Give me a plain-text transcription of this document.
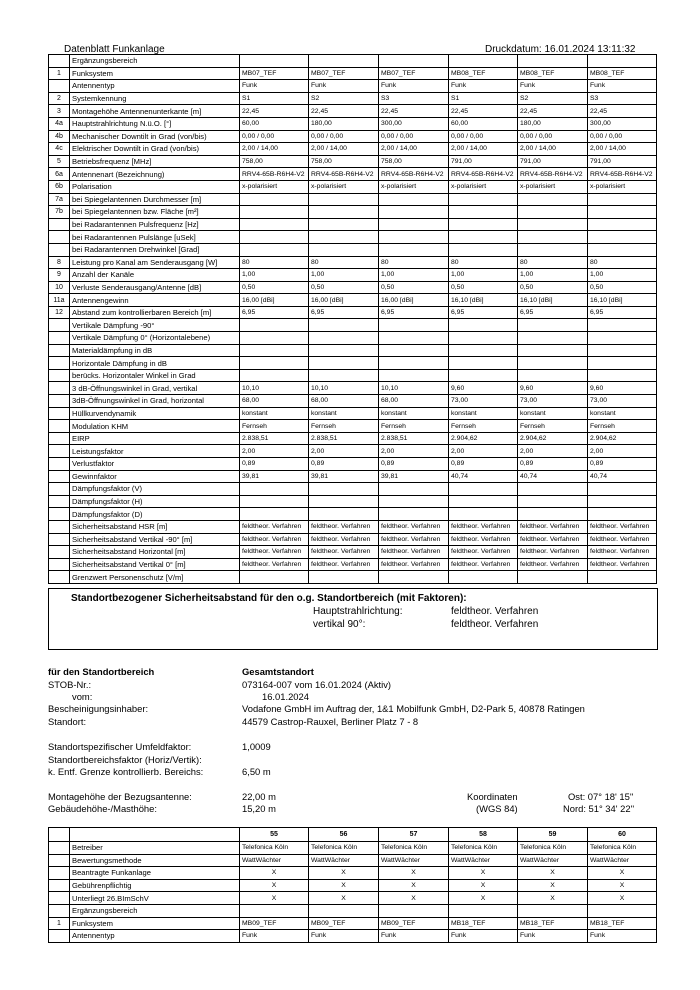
Datenblatt Funkanlage	Druckdatum: 16.01.2024 13:11:32
	Ergänzungsbereich						
1	Funksystem	MB07_TEF	MB07_TEF	MB07_TEF	MB08_TEF	MB08_TEF	MB08_TEF
	Antennentyp	Funk	Funk	Funk	Funk	Funk	Funk
2	Systemkennung	S1	S2	S3	S1	S2	S3
3	Montagehöhe Antennenunterkante [m]	22,45	22,45	22,45	22,45	22,45	22,45
4a	Hauptstrahlrichtung N.ü.O. [°]	60,00	180,00	300,00	60,00	180,00	300,00
4b	Mechanischer Downtilt in Grad (von/bis)	0,00 / 0,00	0,00 / 0,00	0,00 / 0,00	0,00 / 0,00	0,00 / 0,00	0,00 / 0,00
4c	Elektrischer Downtilt in Grad (von/bis)	2,00 / 14,00	2,00 / 14,00	2,00 / 14,00	2,00 / 14,00	2,00 / 14,00	2,00 / 14,00
5	Betriebsfrequenz [MHz]	758,00	758,00	758,00	791,00	791,00	791,00
6a	Antennenart (Bezeichnung)	RRV4-65B-R6H4-V2	RRV4-65B-R6H4-V2	RRV4-65B-R6H4-V2	RRV4-65B-R6H4-V2	RRV4-65B-R6H4-V2	RRV4-65B-R6H4-V2
6b	Polarisation	x-polarisiert	x-polarisiert	x-polarisiert	x-polarisiert	x-polarisiert	x-polarisiert
7a	bei Spiegelantennen Durchmesser [m]						
7b	bei Spiegelantennen bzw. Fläche [m²]						
	bei Radarantennen Pulsfrequenz [Hz]						
	bei Radarantennen Pulslänge [uSek]						
	bei Radarantennen Drehwinkel [Grad]						
8	Leistung pro Kanal am Senderausgang [W]	80	80	80	80	80	80
9	Anzahl der Kanäle	1,00	1,00	1,00	1,00	1,00	1,00
10	Verluste Senderausgang/Antenne [dB]	0,50	0,50	0,50	0,50	0,50	0,50
11a	Antennengewinn	16,00 [dBi]	16,00 [dBi]	16,00 [dBi]	16,10 [dBi]	16,10 [dBi]	16,10 [dBi]
12	Abstand zum kontrollierbaren Bereich [m]	6,95	6,95	6,95	6,95	6,95	6,95
	Vertikale Dämpfung -90°						
	Vertikale Dämpfung 0° (Horizontalebene)						
	Materialdämpfung in dB						
	Horizontale Dämpfung in dB						
	berücks. Horizontaler Winkel in Grad						
	3 dB-Öffnungswinkel in Grad, vertikal	10,10	10,10	10,10	9,60	9,60	9,60
	3dB-Öffnungswinkel in Grad, horizontal	68,00	68,00	68,00	73,00	73,00	73,00
	Hüllkurvendynamik	konstant	konstant	konstant	konstant	konstant	konstant
	Modulation KHM	Fernseh	Fernseh	Fernseh	Fernseh	Fernseh	Fernseh
	EIRP	2.838,51	2.838,51	2.838,51	2.904,62	2.904,62	2.904,62
	Leistungsfaktor	2,00	2,00	2,00	2,00	2,00	2,00
	Verlustfaktor	0,89	0,89	0,89	0,89	0,89	0,89
	Gewinnfaktor	39,81	39,81	39,81	40,74	40,74	40,74
	Dämpfungsfaktor (V)						
	Dämpfungsfaktor (H)						
	Dämpfungsfaktor (D)						
	Sicherheitsabstand HSR [m]	feldtheor. Verfahren	feldtheor. Verfahren	feldtheor. Verfahren	feldtheor. Verfahren	feldtheor. Verfahren	feldtheor. Verfahren
	Sicherheitsabstand Vertikal -90° [m]	feldtheor. Verfahren	feldtheor. Verfahren	feldtheor. Verfahren	feldtheor. Verfahren	feldtheor. Verfahren	feldtheor. Verfahren
	Sicherheitsabstand Horizontal [m]	feldtheor. Verfahren	feldtheor. Verfahren	feldtheor. Verfahren	feldtheor. Verfahren	feldtheor. Verfahren	feldtheor. Verfahren
	Sicherheitsabstand Vertikal 0° [m]	feldtheor. Verfahren	feldtheor. Verfahren	feldtheor. Verfahren	feldtheor. Verfahren	feldtheor. Verfahren	feldtheor. Verfahren
	Grenzwert Personenschutz [V/m]						
Standortbezogener Sicherheitsabstand für den o.g. Standortbereich (mit Faktoren):
Hauptstrahlrichtung:	feldtheor. Verfahren
vertikal 90°:	feldtheor. Verfahren
für den Standortbereich	Gesamtstandort
STOB-Nr.:	073164-007 vom 16.01.2024 (Aktiv)
vom:	16.01.2024
Bescheinigungsinhaber:	Vodafone GmbH im Auftrag der, 1&1 Mobilfunk GmbH, D2-Park 5, 40878 Ratingen
Standort:	44579 Castrop-Rauxel, Berliner Platz 7 - 8
Standortspezifischer Umfeldfaktor:	1,0009
Standortbereichsfaktor (Horiz/Vertik):
k. Entf. Grenze kontrollierb. Bereichs:	6,50 m
Montagehöhe der Bezugsantenne:	22,00 m
Gebäudehöhe-/Masthöhe:	15,20 m
Koordinaten
(WGS 84)
Ost: 07° 18' 15''
Nord: 51° 34' 22''
		55	56	57	58	59	60
	Betreiber	Telefonica Köln	Telefonica Köln	Telefonica Köln	Telefonica Köln	Telefonica Köln	Telefonica Köln
	Bewertungsmethode	WattWächter	WattWächter	WattWächter	WattWächter	WattWächter	WattWächter
	Beantragte Funkanlage	X	X	X	X	X	X
	Gebührenpflichtig	X	X	X	X	X	X
	Unterliegt 26.BImSchV	X	X	X	X	X	X
	Ergänzungsbereich						
1	Funksystem	MB09_TEF	MB09_TEF	MB09_TEF	MB18_TEF	MB18_TEF	MB18_TEF
	Antennentyp	Funk	Funk	Funk	Funk	Funk	Funk
